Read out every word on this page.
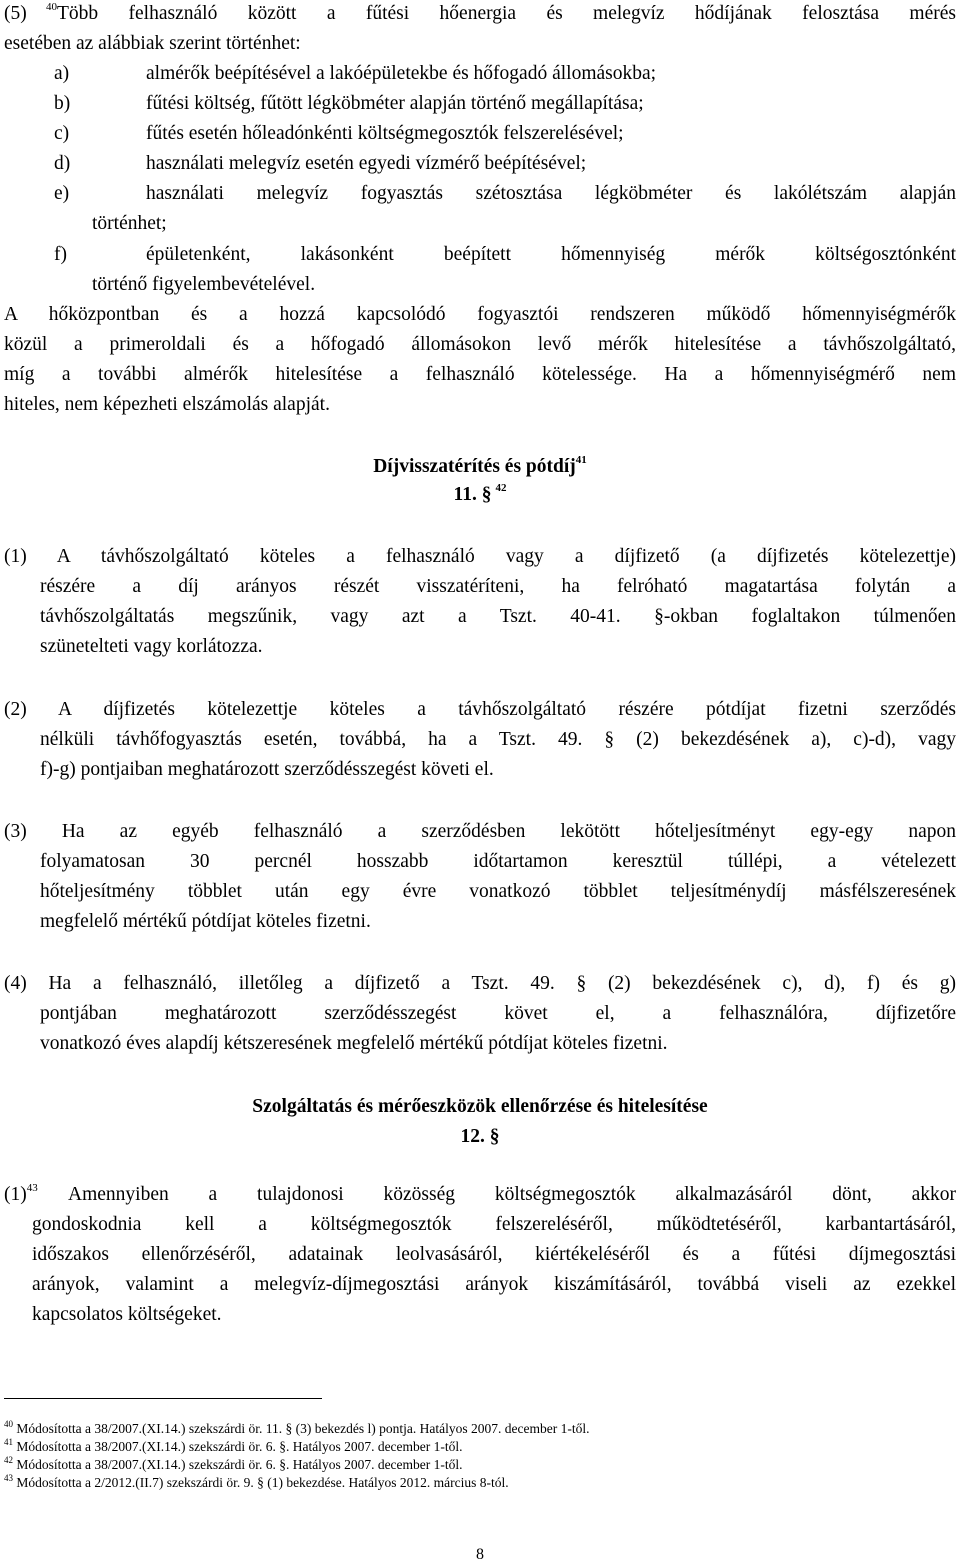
(5) $^{40}$Több felhasználó között a fűtési hőenergia és melegvíz hődíjának felosztása mérés
esetében az alábbiak szerint történhet:
a)	almérők beépítésével a lakóépületekbe és hőfogadó állomásokba;
b)	fűtési költség, fűtött légköbméter alapján történő megállapítása;
c)	fűtés esetén hőleadónkénti költségmegosztók felszerelésével;
d)	használati melegvíz esetén egyedi vízmérő beépítésével;
e)	használati melegvíz fogyasztás szétosztása légköbméter és lakólétszám alapján
történhet;
f)	épületenként, lakásonként beépített hőmennyiség mérők költségosztónként
történő figyelembevételével.
A hőközpontban és a hozzá kapcsolódó fogyasztói rendszeren működő hőmennyiségmérők
közül a primeroldali és a hőfogadó állomásokon levő mérők hitelesítése a távhőszolgáltató,
míg a további almérők hitelesítése a felhasználó kötelessége. Ha a hőmennyiségmérő nem
hiteles, nem képezheti elszámolás alapját.
Díjvisszatérítés és pótdíj$^{41}$
11. § $^{42}$
(1) A távhőszolgáltató köteles a felhasználó vagy a díjfizető (a díjfizetés kötelezettje)
részére a díj arányos részét visszatéríteni, ha felróható magatartása folytán a
távhőszolgáltatás megszűnik, vagy azt a Tszt. 40-41. §-okban foglaltakon túlmenően
szünetelteti vagy korlátozza.
(2) A díjfizetés kötelezettje köteles a távhőszolgáltató részére pótdíjat fizetni szerződés
nélküli távhőfogyasztás esetén, továbbá, ha a Tszt. 49. § (2) bekezdésének a), c)-d), vagy
f)-g) pontjaiban meghatározott szerződésszegést követi el.
(3) Ha az egyéb felhasználó a szerződésben lekötött hőteljesítményt egy-egy napon
folyamatosan 30 percnél hosszabb időtartamon keresztül túllépi, a vételezett
hőteljesítmény többlet után egy évre vonatkozó többlet teljesítménydíj másfélszeresének
megfelelő mértékű pótdíjat köteles fizetni.
(4) Ha a felhasználó, illetőleg a díjfizető a Tszt. 49. § (2) bekezdésének c), d), f) és g)
pontjában meghatározott szerződésszegést követ el, a felhasználóra, díjfizetőre
vonatkozó éves alapdíj kétszeresének megfelelő mértékű pótdíjat köteles fizetni.
Szolgáltatás és mérőeszközök ellenőrzése és hitelesítése
12. §
$(1)^{43}$ Amennyiben a tulajdonosi közösség költségmegosztók alkalmazásáról dönt, akkor
gondoskodnia kell a költségmegosztók felszereléséről, működtetéséről, karbantartásáról,
időszakos ellenőrzéséről, adatainak leolvasásáról, kiértékeléséről és a fűtési díjmegosztási
arányok, valamint a melegvíz-díjmegosztási arányok kiszámításáról, továbbá viseli az ezekkel
kapcsolatos költségeket.
$^{40}$ Módosította a 38/2007.(XI.14.) szekszárdi ör. 11. § (3) bekezdés l) pontja. Hatályos 2007. december 1-től.
$^{41}$ Módosította a 38/2007.(XI.14.) szekszárdi ör. 6. §. Hatályos 2007. december 1-től.
$^{42}$ Módosította a 38/2007.(XI.14.) szekszárdi ör. 6. §. Hatályos 2007. december 1-től.
$^{43}$ Módosította a 2/2012.(II.7) szekszárdi ör. 9. § (1) bekezdése. Hatályos 2012. március 8-tól.
8
